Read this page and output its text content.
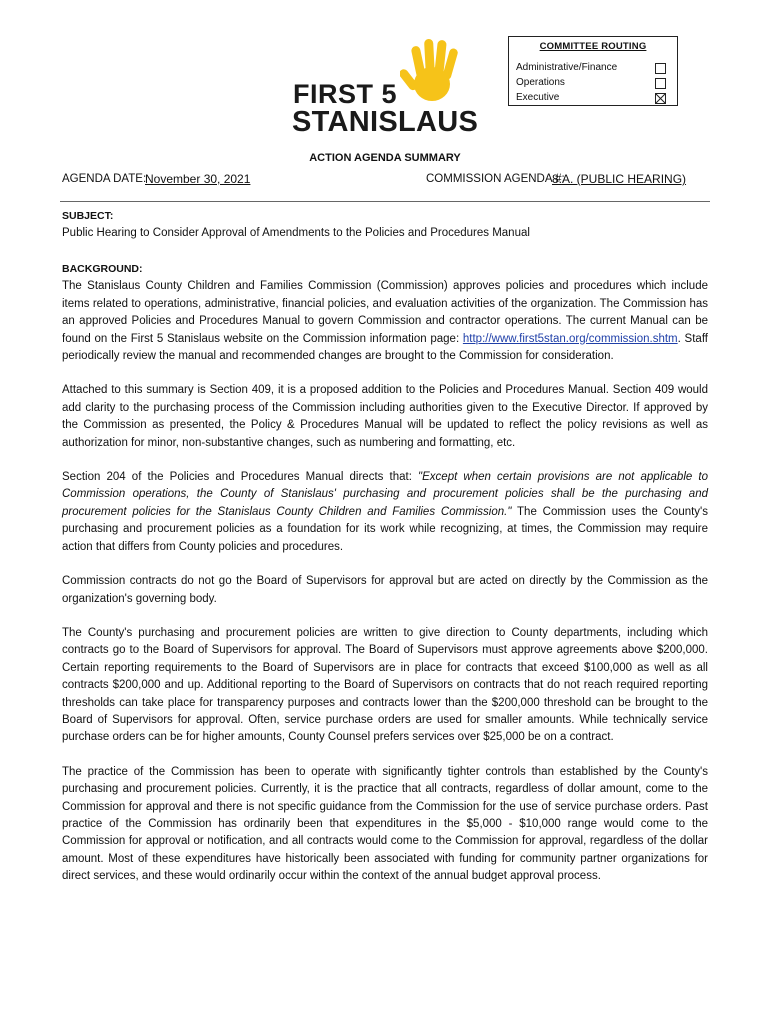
COMMITTEE ROUTING
Administrative/Finance
Operations
Executive
FIRST 5
STANISLAUS
ACTION AGENDA SUMMARY
AGENDA DATE:
November 30, 2021	COMMISSION AGENDA #:
8.A. (PUBLIC HEARING)
SUBJECT:

Public Hearing to Consider Approval of Amendments to the Policies and Procedures Manual

BACKGROUND:

The Stanislaus County Children and Families Commission (Commission) approves policies and procedures which include items related to operations, administrative, financial policies, and evaluation activities of the organization. The Commission has an approved Policies and Procedures Manual to govern Commission and contractor operations. The current Manual can be found on the First 5 Stanislaus website on the Commission information page: http://www.first5stan.org/commission.shtm. Staff periodically review the manual and recommended changes are brought to the Commission for consideration.

Attached to this summary is Section 409, it is a proposed addition to the Policies and Procedures Manual. Section 409 would add clarity to the purchasing process of the Commission including authorities given to the Executive Director. If approved by the Commission as presented, the Policy & Procedures Manual will be updated to reflect the policy revisions as well as authorization for minor, non-substantive changes, such as numbering and formatting, etc.

Section 204 of the Policies and Procedures Manual directs that: "Except when certain provisions are not applicable to Commission operations, the County of Stanislaus' purchasing and procurement policies shall be the purchasing and procurement policies for the Stanislaus County Children and Families Commission." The Commission uses the County's purchasing and procurement policies as a foundation for its work while recognizing, at times, the Commission may require action that differs from County policies and procedures.

Commission contracts do not go the Board of Supervisors for approval but are acted on directly by the Commission as the organization's governing body.

The County's purchasing and procurement policies are written to give direction to County departments, including which contracts go to the Board of Supervisors for approval. The Board of Supervisors must approve agreements above $200,000. Certain reporting requirements to the Board of Supervisors are in place for contracts that exceed $100,000 as well as all contracts $200,000 and up. Additional reporting to the Board of Supervisors on contracts that do not reach required reporting thresholds can take place for transparency purposes and contracts lower than the $200,000 threshold can be brought to the Board of Supervisors for approval. Often, service purchase orders are used for smaller amounts. While technically service purchase orders can be for higher amounts, County Counsel prefers services over $25,000 be on a contract.

The practice of the Commission has been to operate with significantly tighter controls than established by the County's purchasing and procurement policies. Currently, it is the practice that all contracts, regardless of dollar amount, come to the Commission for approval and there is not specific guidance from the Commission for the use of service purchase orders. Past practice of the Commission has ordinarily been that expenditures in the $5,000 - $10,000 range would come to the Commission for approval or notification, and all contracts would come to the Commission for approval, regardless of the dollar amount. Most of these expenditures have historically been associated with funding for community partner organizations for direct services, and these would ordinarily occur within the context of the annual budget approval process.
